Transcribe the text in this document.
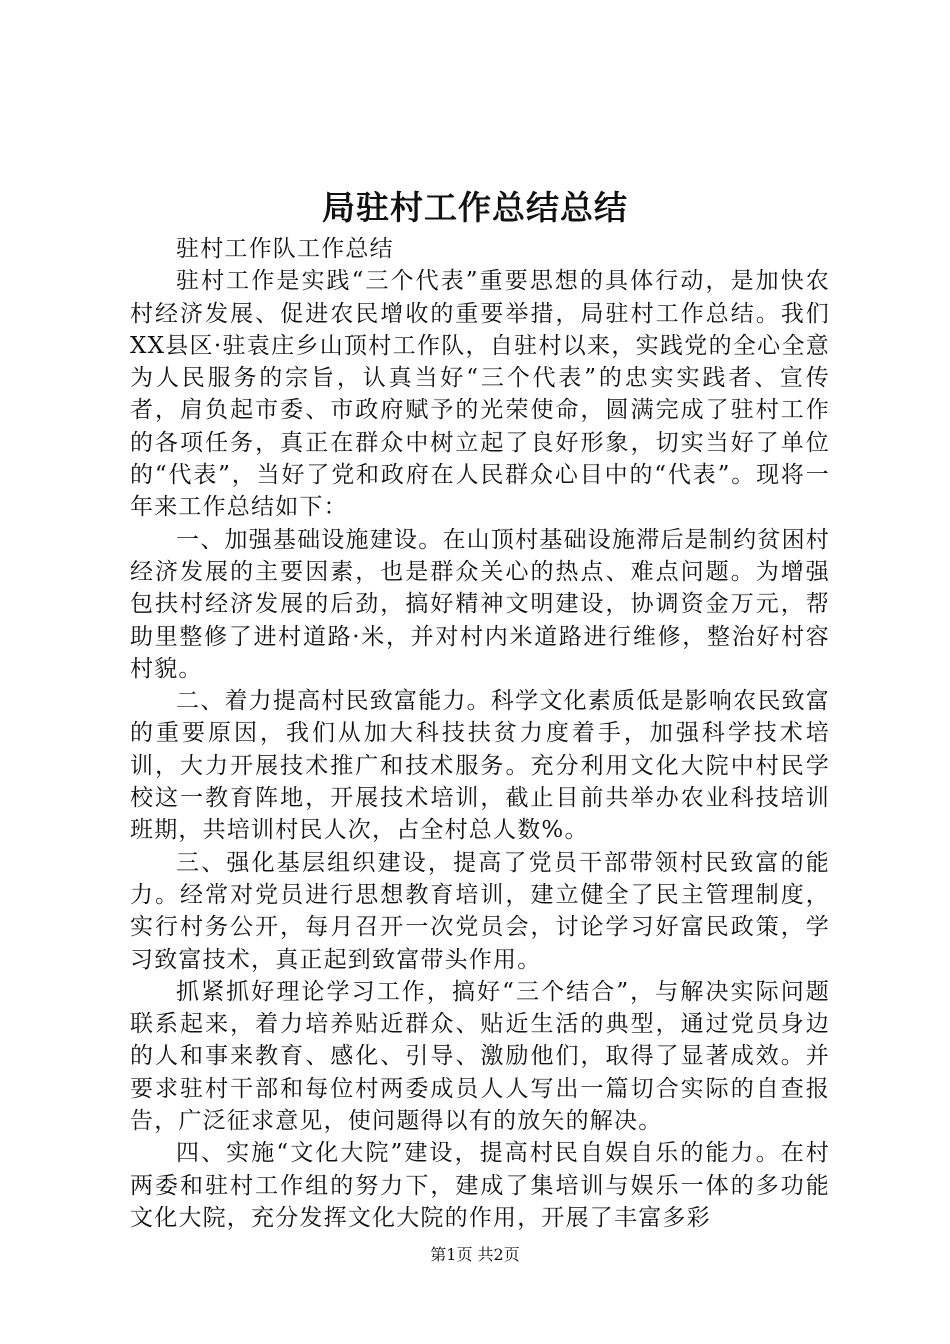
局驻村工作总结总结

驻村工作队工作总结

驻村工作是实践“三个代表”重要思想的具体行动，是加快农村经济发展、促进农民增收的重要举措，局驻村工作总结。我们XX县区·驻袁庄乡山顶村工作队，自驻村以来，实践党的全心全意为人民服务的宗旨，认真当好“三个代表”的忠实实践者、宣传者，肩负起市委、市政府赋予的光荣使命，圆满完成了驻村工作的各项任务，真正在群众中树立起了良好形象，切实当好了单位的“代表”，当好了党和政府在人民群众心目中的“代表”。现将一年来工作总结如下：

一、加强基础设施建设。在山顶村基础设施滞后是制约贫困村经济发展的主要因素，也是群众关心的热点、难点问题。为增强包扶村经济发展的后劲，搞好精神文明建设，协调资金万元，帮助里整修了进村道路·米，并对村内米道路进行维修，整治好村容村貌。

二、着力提高村民致富能力。科学文化素质低是影响农民致富的重要原因，我们从加大科技扶贫力度着手，加强科学技术培训，大力开展技术推广和技术服务。充分利用文化大院中村民学校这一教育阵地，开展技术培训，截止目前共举办农业科技培训班期，共培训村民人次，占全村总人数%。

三、强化基层组织建设，提高了党员干部带领村民致富的能力。经常对党员进行思想教育培训，建立健全了民主管理制度，实行村务公开，每月召开一次党员会，讨论学习好富民政策，学习致富技术，真正起到致富带头作用。

抓紧抓好理论学习工作，搞好“三个结合”，与解决实际问题联系起来，着力培养贴近群众、贴近生活的典型，通过党员身边的人和事来教育、感化、引导、激励他们，取得了显著成效。并要求驻村干部和每位村两委成员人人写出一篇切合实际的自查报告，广泛征求意见，使问题得以有的放矢的解决。

四、实施“文化大院”建设，提高村民自娱自乐的能力。在村两委和驻村工作组的努力下，建成了集培训与娱乐一体的多功能文化大院，充分发挥文化大院的作用，开展了丰富多彩

第1页 共2页
